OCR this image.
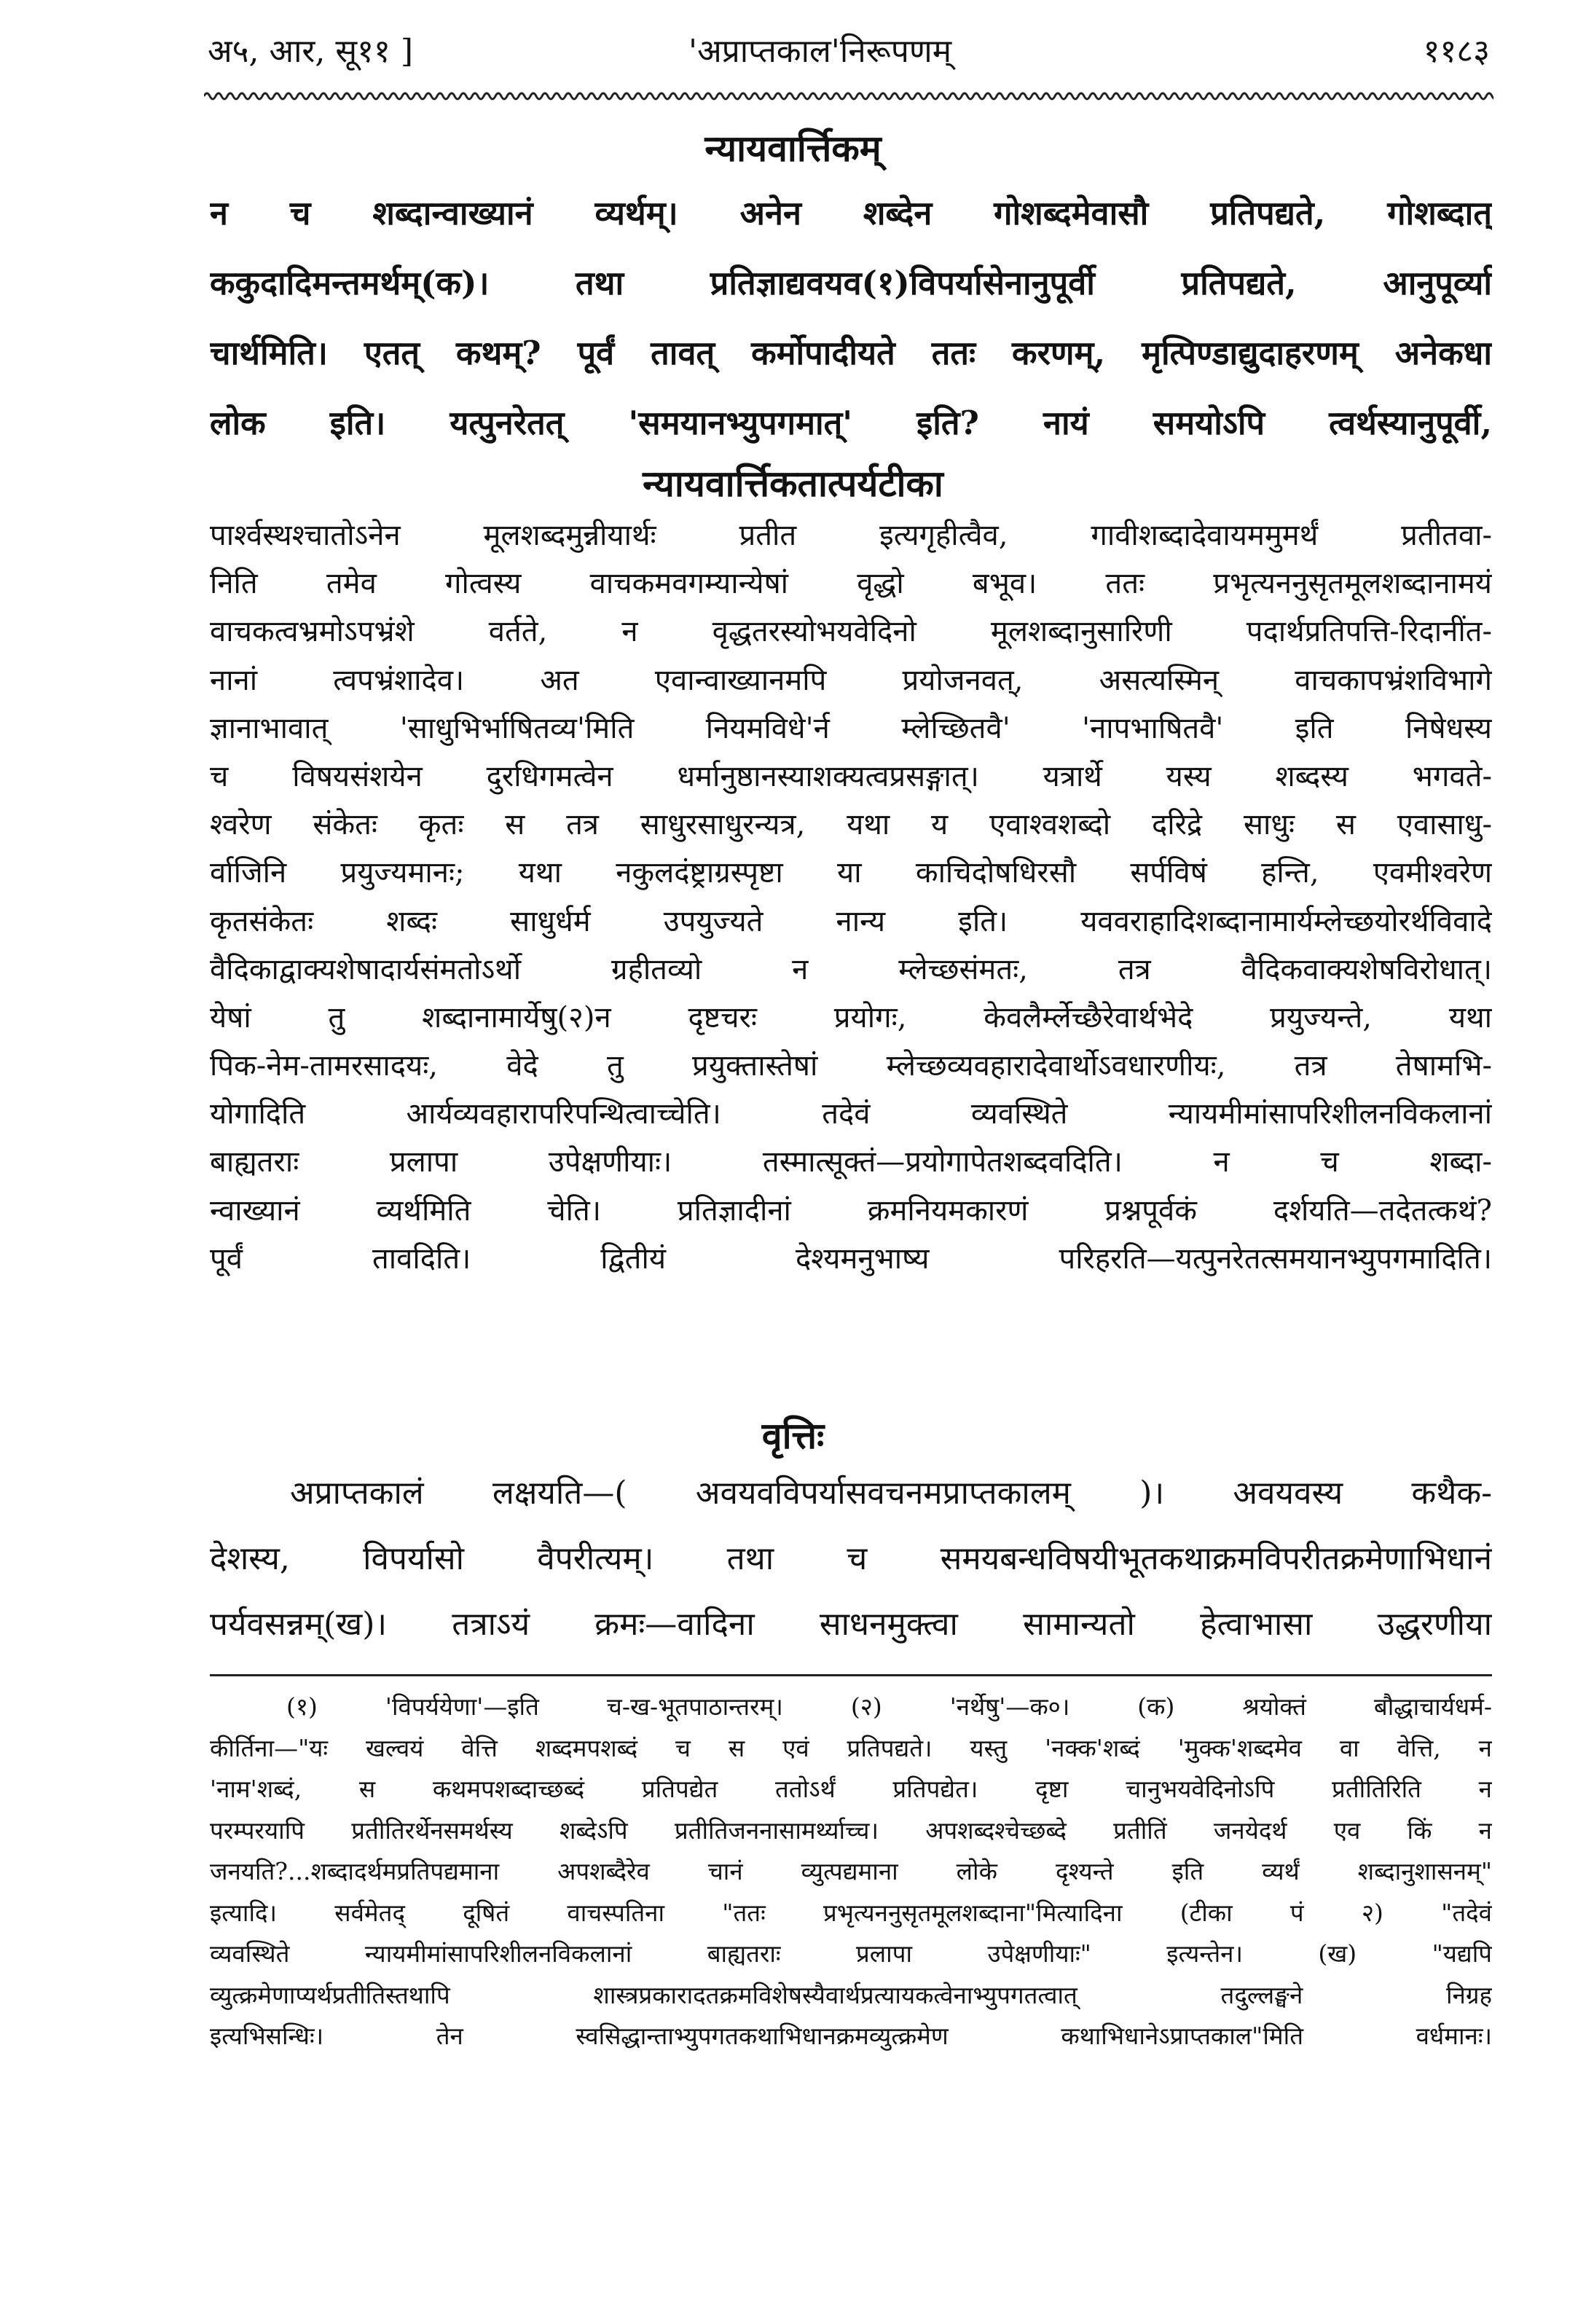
अ५, आर, सू११ ]	'अप्राप्तकाल'निरूपणम्	११८३
न्यायवार्त्तिकम्
न च शब्दान्वाख्यानं व्यर्थम्। अनेन शब्देन गोशब्दमेवासौ प्रतिपद्यते, गोशब्दात्
ककुदादिमन्तमर्थम्(क)। तथा प्रतिज्ञाद्यवयव(१)विपर्यासेनानुपूर्वी प्रतिपद्यते, आनुपूर्व्या
चार्थमिति। एतत् कथम्? पूर्वं तावत् कर्मोपादीयते ततः करणम्, मृत्पिण्डाद्युदाहरणम् अनेकधा
लोक इति। यत्पुनरेतत् 'समयानभ्युपगमात्' इति? नायं समयोऽपि त्वर्थस्यानुपूर्वी,
न्यायवार्त्तिकतात्पर्यटीका
पार्श्वस्थश्चातोऽनेन मूलशब्दमुन्नीयार्थः प्रतीत इत्यगृहीत्वैव, गावीशब्दादेवायममुमर्थं प्रतीतवा-
निति तमेव गोत्वस्य वाचकमवगम्यान्येषां वृद्धो बभूव। ततः प्रभृत्यननुसृतमूलशब्दानामयं
वाचकत्वभ्रमोऽपभ्रंशे वर्तते, न वृद्धतरस्योभयवेदिनो मूलशब्दानुसारिणी पदार्थप्रतिपत्ति-रिदानींत-
नानां त्वपभ्रंशादेव। अत एवान्वाख्यानमपि प्रयोजनवत्, असत्यस्मिन् वाचकापभ्रंशविभागे
ज्ञानाभावात् 'साधुभिर्भाषितव्य'मिति नियमविधे'र्न म्लेच्छितवै' 'नापभाषितवै' इति निषेधस्य
च विषयसंशयेन दुरधिगमत्वेन धर्मानुष्ठानस्याशक्यत्वप्रसङ्गात्। यत्रार्थे यस्य शब्दस्य भगवते-
श्वरेण संकेतः कृतः स तत्र साधुरसाधुरन्यत्र, यथा य एवाश्वशब्दो दरिद्रे साधुः स एवासाधु-
र्वाजिनि प्रयुज्यमानः; यथा नकुलदंष्ट्राग्रस्पृष्टा या काचिदोषधिरसौ सर्पविषं हन्ति, एवमीश्वरेण
कृतसंकेतः शब्दः साधुर्धर्म उपयुज्यते नान्य इति। यववराहादिशब्दानामार्यम्लेच्छयोरर्थविवादे
वैदिकाद्वाक्यशेषादार्यसंमतोऽर्थो ग्रहीतव्यो न म्लेच्छसंमतः, तत्र वैदिकवाक्यशेषविरोधात्।
येषां तु शब्दानामार्येषु(२)न दृष्टचरः प्रयोगः, केवलैर्म्लेच्छैरेवार्थभेदे प्रयुज्यन्ते, यथा
पिक-नेम-तामरसादयः, वेदे तु प्रयुक्तास्तेषां म्लेच्छव्यवहारादेवार्थोऽवधारणीयः, तत्र तेषामभि-
योगादिति आर्यव्यवहारापरिपन्थित्वाच्चेति। तदेवं व्यवस्थिते न्यायमीमांसापरिशीलनविकलानां
बाह्यतराः प्रलापा उपेक्षणीयाः। तस्मात्सूक्तं—प्रयोगापेतशब्दवदिति। न च शब्दा-
न्वाख्यानं व्यर्थमिति चेति। प्रतिज्ञादीनां क्रमनियमकारणं प्रश्नपूर्वकं दर्शयति—तदेतत्कथं?
पूर्वं तावदिति। द्वितीयं देश्यमनुभाष्य परिहरति—यत्पुनरेतत्समयानभ्युपगमादिति।
वृत्तिः
अप्राप्तकालं लक्षयति—( अवयवविपर्यासवचनमप्राप्तकालम् )। अवयवस्य कथैक-
देशस्य, विपर्यासो वैपरीत्यम्। तथा च समयबन्धविषयीभूतकथाक्रमविपरीतक्रमेणाभिधानं
पर्यवसन्नम्(ख)। तत्राऽयं क्रमः—वादिना साधनमुक्त्वा सामान्यतो हेत्वाभासा उद्धरणीया
(१) 'विपर्ययेणा'—इति च-ख-भूतपाठान्तरम्। (२) 'नर्थेषु'—क०। (क) श्रयोक्तं बौद्धाचार्यधर्म-
कीर्तिना—"यः खल्वयं वेत्ति शब्दमपशब्दं च स एवं प्रतिपद्यते। यस्तु 'नक्क'शब्दं 'मुक्क'शब्दमेव वा वेत्ति, न
'नाम'शब्दं, स कथमपशब्दाच्छब्दं प्रतिपद्येत ततोऽर्थं प्रतिपद्येत। दृष्टा चानुभयवेदिनोऽपि प्रतीतिरिति न
परम्परयापि प्रतीतिरर्थेनसमर्थस्य शब्देऽपि प्रतीतिजननासामर्थ्याच्च। अपशब्दश्चेच्छब्दे प्रतीतिं जनयेदर्थ एव किं न
जनयति?...शब्दादर्थमप्रतिपद्यमाना अपशब्दैरेव चानं व्युत्पद्यमाना लोके दृश्यन्ते इति व्यर्थं शब्दानुशासनम्"
इत्यादि। सर्वमेतद् दूषितं वाचस्पतिना "ततः प्रभृत्यननुसृतमूलशब्दाना"मित्यादिना (टीका पं २) "तदेवं
व्यवस्थिते न्यायमीमांसापरिशीलनविकलानां बाह्यतराः प्रलापा उपेक्षणीयाः" इत्यन्तेन। (ख) "यद्यपि
व्युत्क्रमेणाप्यर्थप्रतीतिस्तथापि शास्त्रप्रकारादतक्रमविशेषस्यैवार्थप्रत्यायकत्वेनाभ्युपगतत्वात् तदुल्लङ्घने निग्रह
इत्यभिसन्धिः। तेन स्वसिद्धान्ताभ्युपगतकथाभिधानक्रमव्युत्क्रमेण कथाभिधानेऽप्राप्तकाल"मिति वर्धमानः।
